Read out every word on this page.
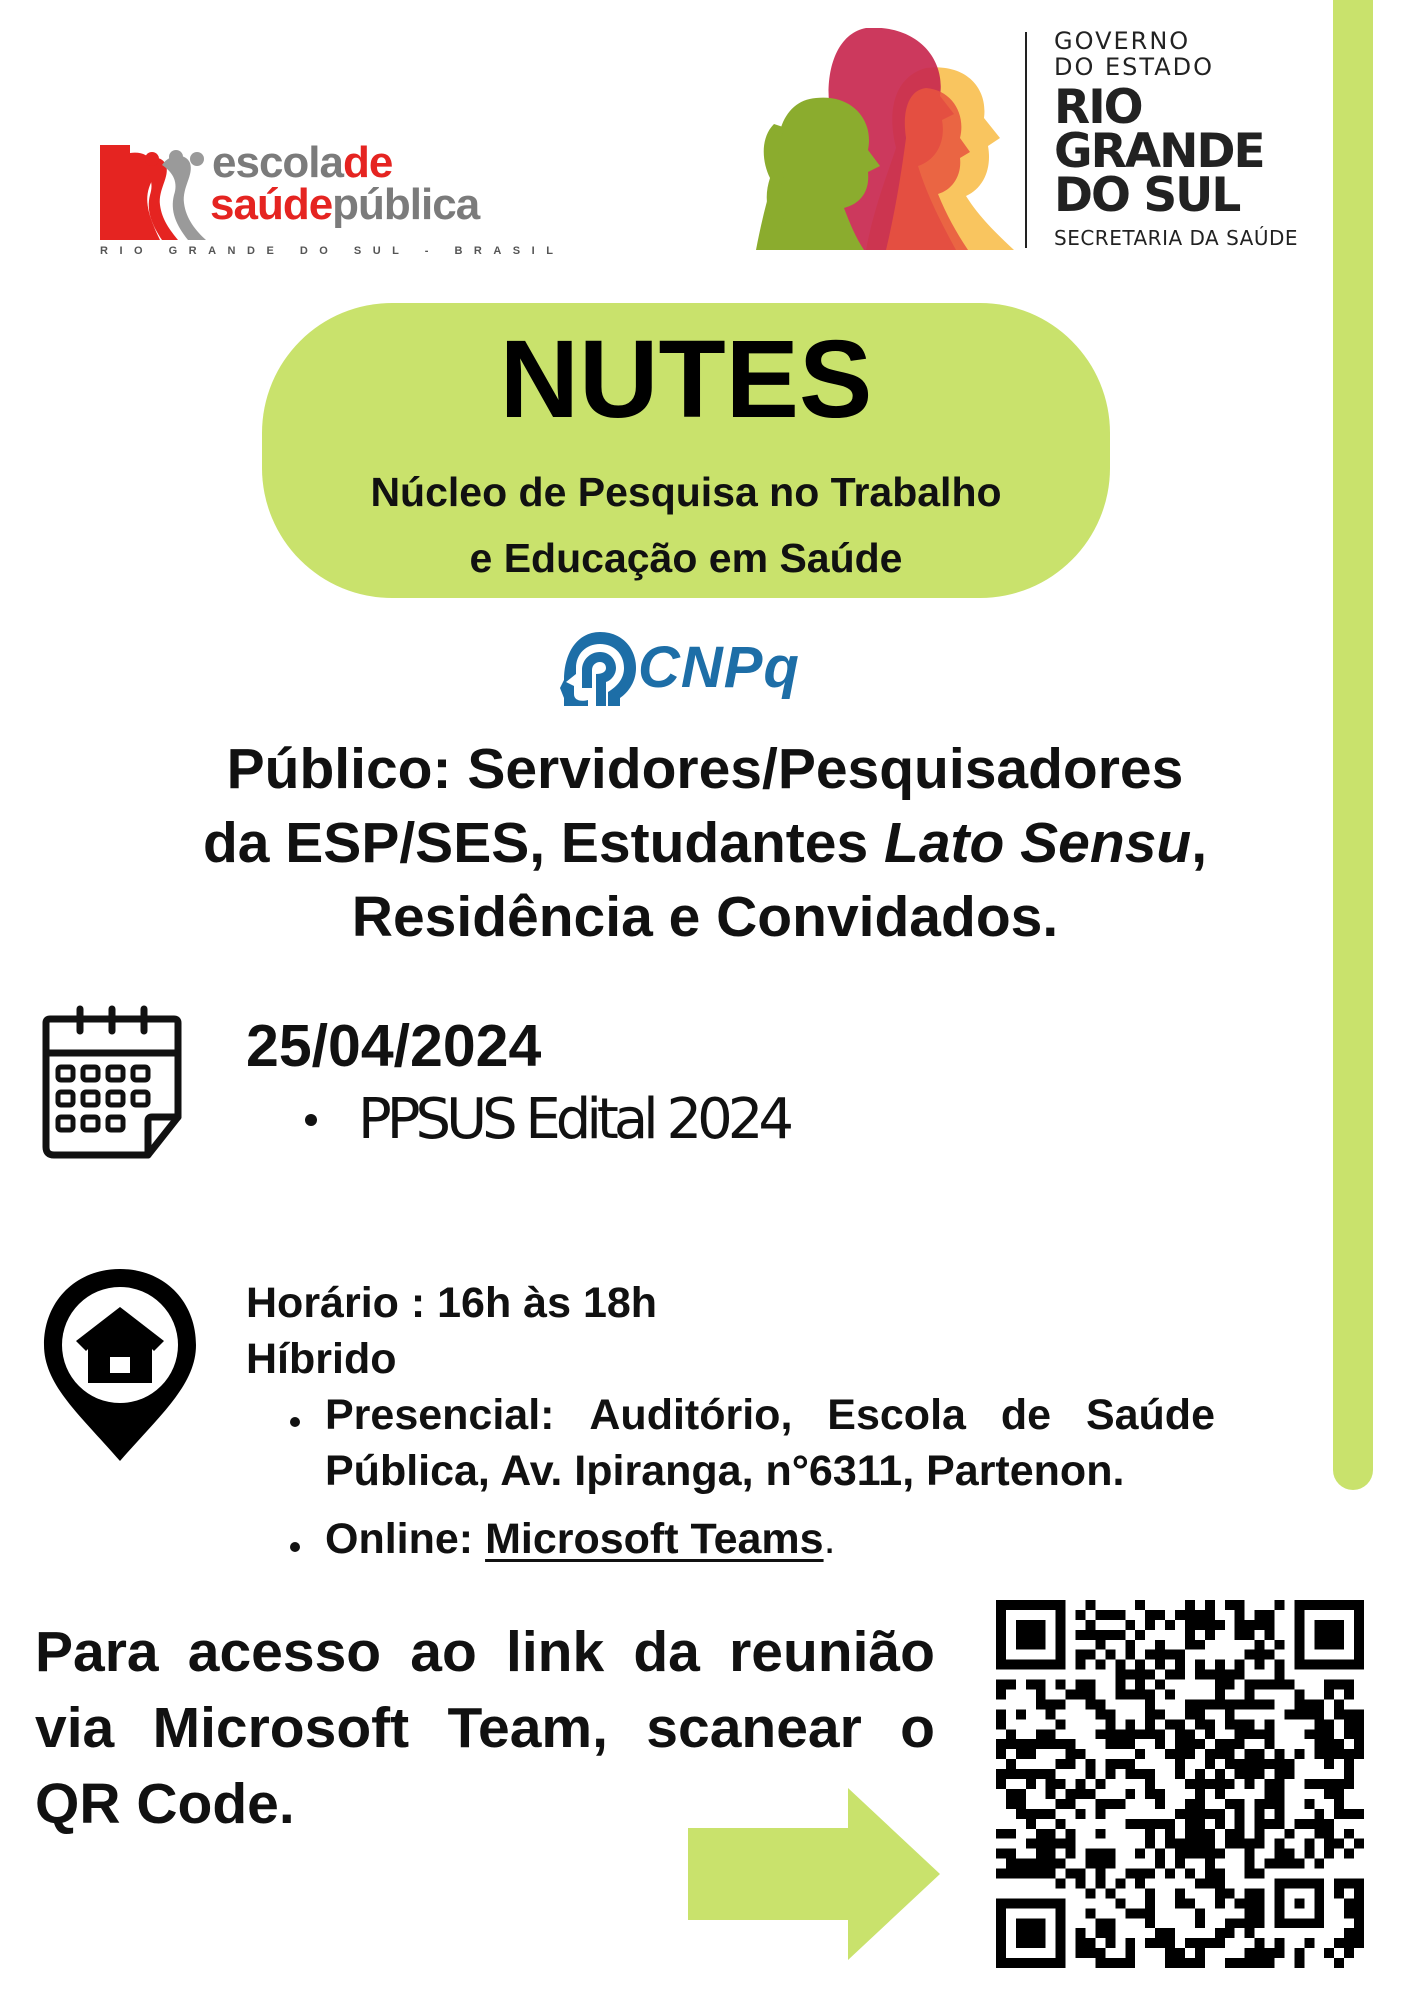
escolade
saúdepública
RIO GRANDE DO SUL - BRASIL
GOVERNO
DO ESTADO
RIO
GRANDE
DO SUL
SECRETARIA DA SAÚDE
NUTES
Núcleo de Pesquisa no Trabalho
e Educação em Saúde
CNPq
Público: Servidores/Pesquisadores
da ESP/SES, Estudantes Lato Sensu,
Residência e Convidados.
25/04/2024
PPSUS Edital 2024
Horário : 16h às 18h
Híbrido
Presencial: Auditório, Escola de Saúde
Pública, Av. Ipiranga, n°6311, Partenon.
Online: Microsoft Teams.
Para acesso ao link da reunião
via Microsoft Team, scanear o
QR Code.
